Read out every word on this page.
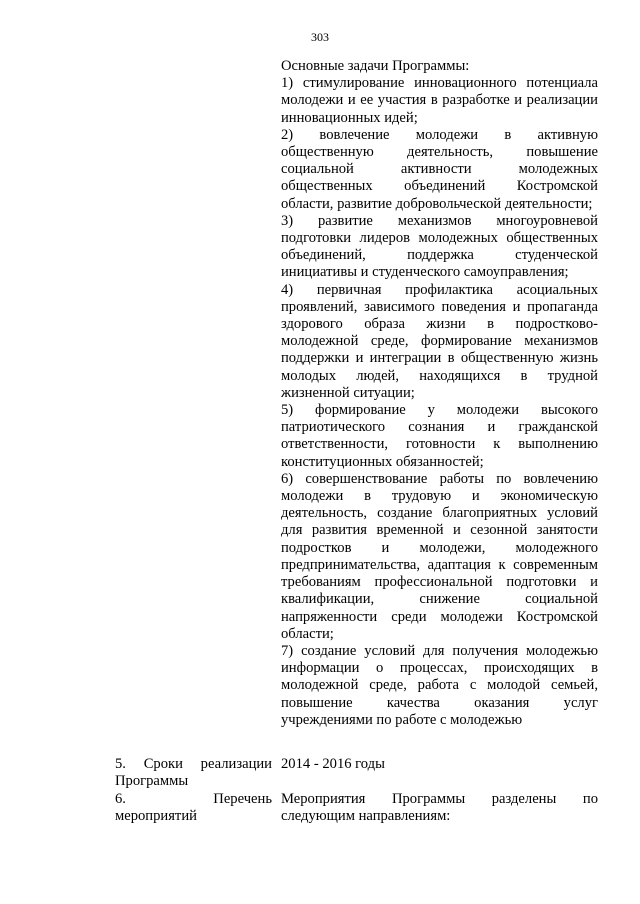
303

Основные задачи Программы:

1) стимулирование инновационного потенциала молодежи и ее участия в разработке и реализации инновационных идей;

2) вовлечение молодежи в активную общественную деятельность, повышение социальной активности молодежных общественных объединений Костромской области, развитие добровольческой деятельности;

3) развитие механизмов многоуровневой подготовки лидеров молодежных общественных объединений, поддержка студенческой инициативы и студенческого самоуправления;

4) первичная профилактика асоциальных проявлений, зависимого поведения и пропаганда здорового образа жизни в подростково-молодежной среде, формирование механизмов поддержки и интеграции в общественную жизнь молодых людей, находящихся в трудной жизненной ситуации;

5) формирование у молодежи высокого патриотического сознания и гражданской ответственности, готовности к выполнению конституционных обязанностей;

6) совершенствование работы по вовлечению молодежи в трудовую и экономическую деятельность, создание благоприятных условий для развития временной и сезонной занятости подростков и молодежи, молодежного предпринимательства, адаптация к современным требованиям профессиональной подготовки и квалификации, снижение социальной напряженности среди молодежи Костромской области;

7) создание условий для получения молодежью информации о процессах, происходящих в молодежной среде, работа с молодой семьей, повышение качества оказания услуг учреждениями по работе с молодежью

5. Сроки реализации
Программы
2014 - 2016 годы
6. Перечень
мероприятий
Мероприятия Программы разделены по следующим направлениям:
